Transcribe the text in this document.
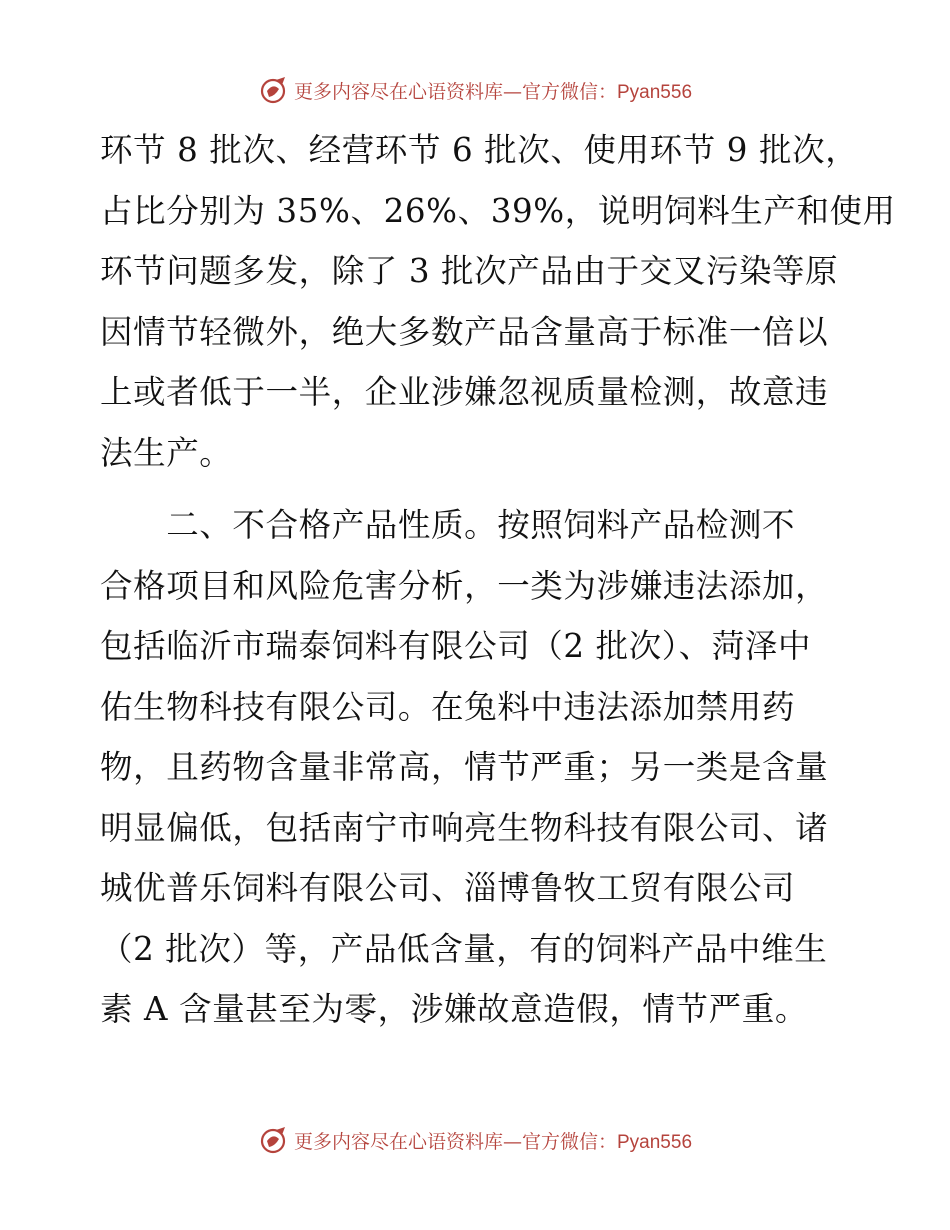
更多内容尽在心语资料库—官方微信：Pyan556
环节 8 批次、经营环节 6 批次、使用环节 9 批次，
占比分别为 35%、26%、39%，说明饲料生产和使用
环节问题多发，除了 3 批次产品由于交叉污染等原
因情节轻微外，绝大多数产品含量高于标准一倍以
上或者低于一半，企业涉嫌忽视质量检测，故意违
法生产。
　　二、不合格产品性质。按照饲料产品检测不
合格项目和风险危害分析，一类为涉嫌违法添加，
包括临沂市瑞泰饲料有限公司（2 批次）、菏泽中
佑生物科技有限公司。在兔料中违法添加禁用药
物，且药物含量非常高，情节严重；另一类是含量
明显偏低，包括南宁市响亮生物科技有限公司、诸
城优普乐饲料有限公司、淄博鲁牧工贸有限公司
（2 批次）等，产品低含量，有的饲料产品中维生
素 A 含量甚至为零，涉嫌故意造假，情节严重。
更多内容尽在心语资料库—官方微信：Pyan556
